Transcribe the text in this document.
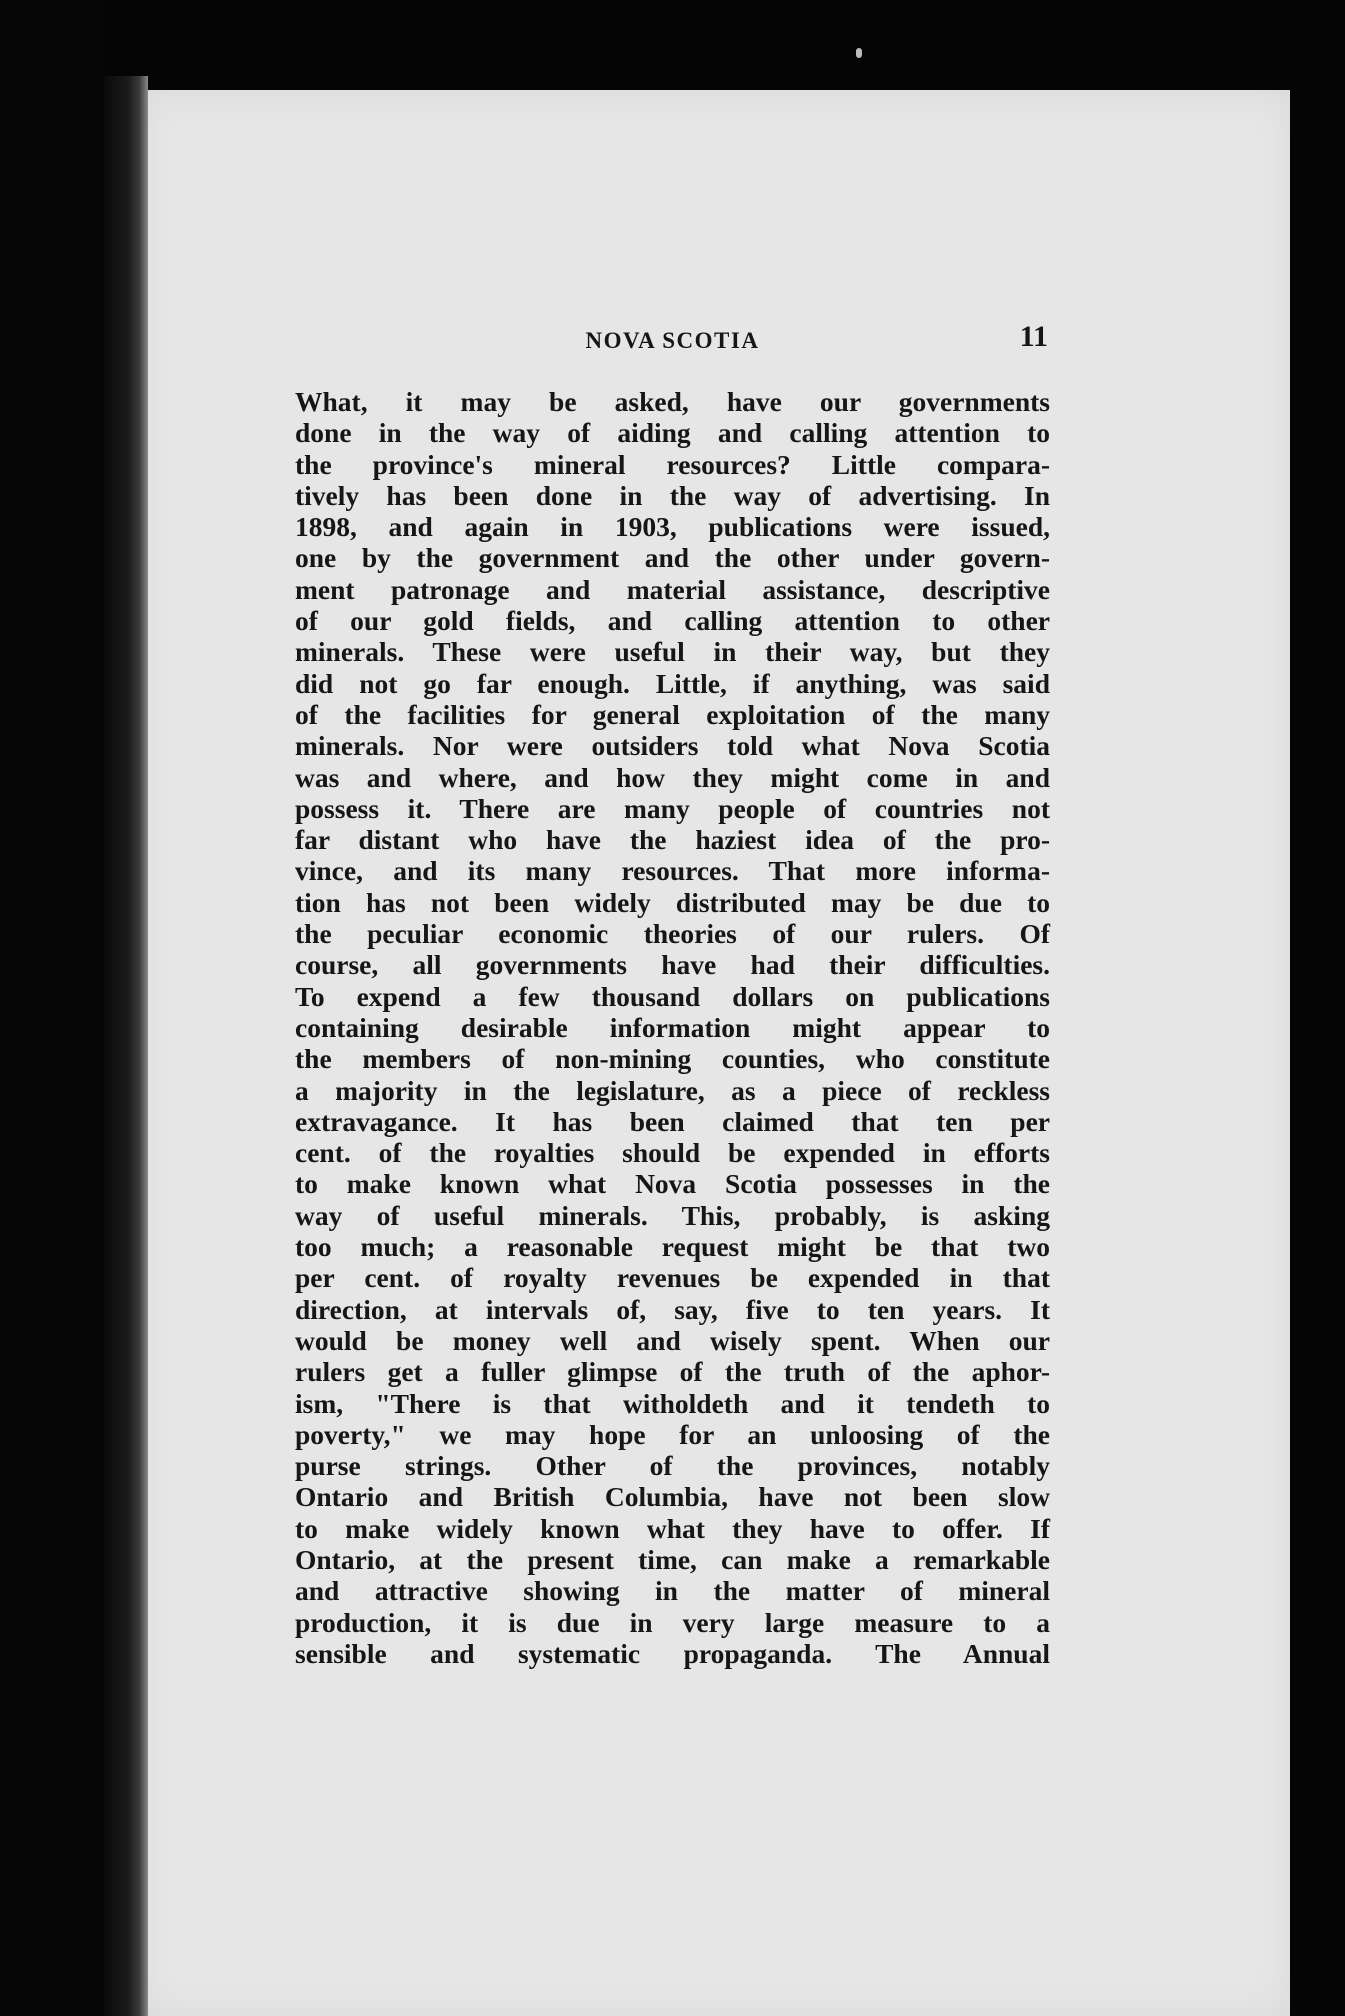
NOVA SCOTIA	11
What, it may be asked, have our governments
done in the way of aiding and calling attention to
the province's mineral resources? Little compara-
tively has been done in the way of advertising. In
1898, and again in 1903, publications were issued,
one by the government and the other under govern-
ment patronage and material assistance, descriptive
of our gold fields, and calling attention to other
minerals. These were useful in their way, but they
did not go far enough. Little, if anything, was said
of the facilities for general exploitation of the many
minerals. Nor were outsiders told what Nova Scotia
was and where, and how they might come in and
possess it. There are many people of countries not
far distant who have the haziest idea of the pro-
vince, and its many resources. That more informa-
tion has not been widely distributed may be due to
the peculiar economic theories of our rulers. Of
course, all governments have had their difficulties.
To expend a few thousand dollars on publications
containing desirable information might appear to
the members of non-mining counties, who constitute
a majority in the legislature, as a piece of reckless
extravagance. It has been claimed that ten per
cent. of the royalties should be expended in efforts
to make known what Nova Scotia possesses in the
way of useful minerals. This, probably, is asking
too much; a reasonable request might be that two
per cent. of royalty revenues be expended in that
direction, at intervals of, say, five to ten years. It
would be money well and wisely spent. When our
rulers get a fuller glimpse of the truth of the aphor-
ism, "There is that witholdeth and it tendeth to
poverty," we may hope for an unloosing of the
purse strings. Other of the provinces, notably
Ontario and British Columbia, have not been slow
to make widely known what they have to offer. If
Ontario, at the present time, can make a remarkable
and attractive showing in the matter of mineral
production, it is due in very large measure to a
sensible and systematic propaganda. The Annual
